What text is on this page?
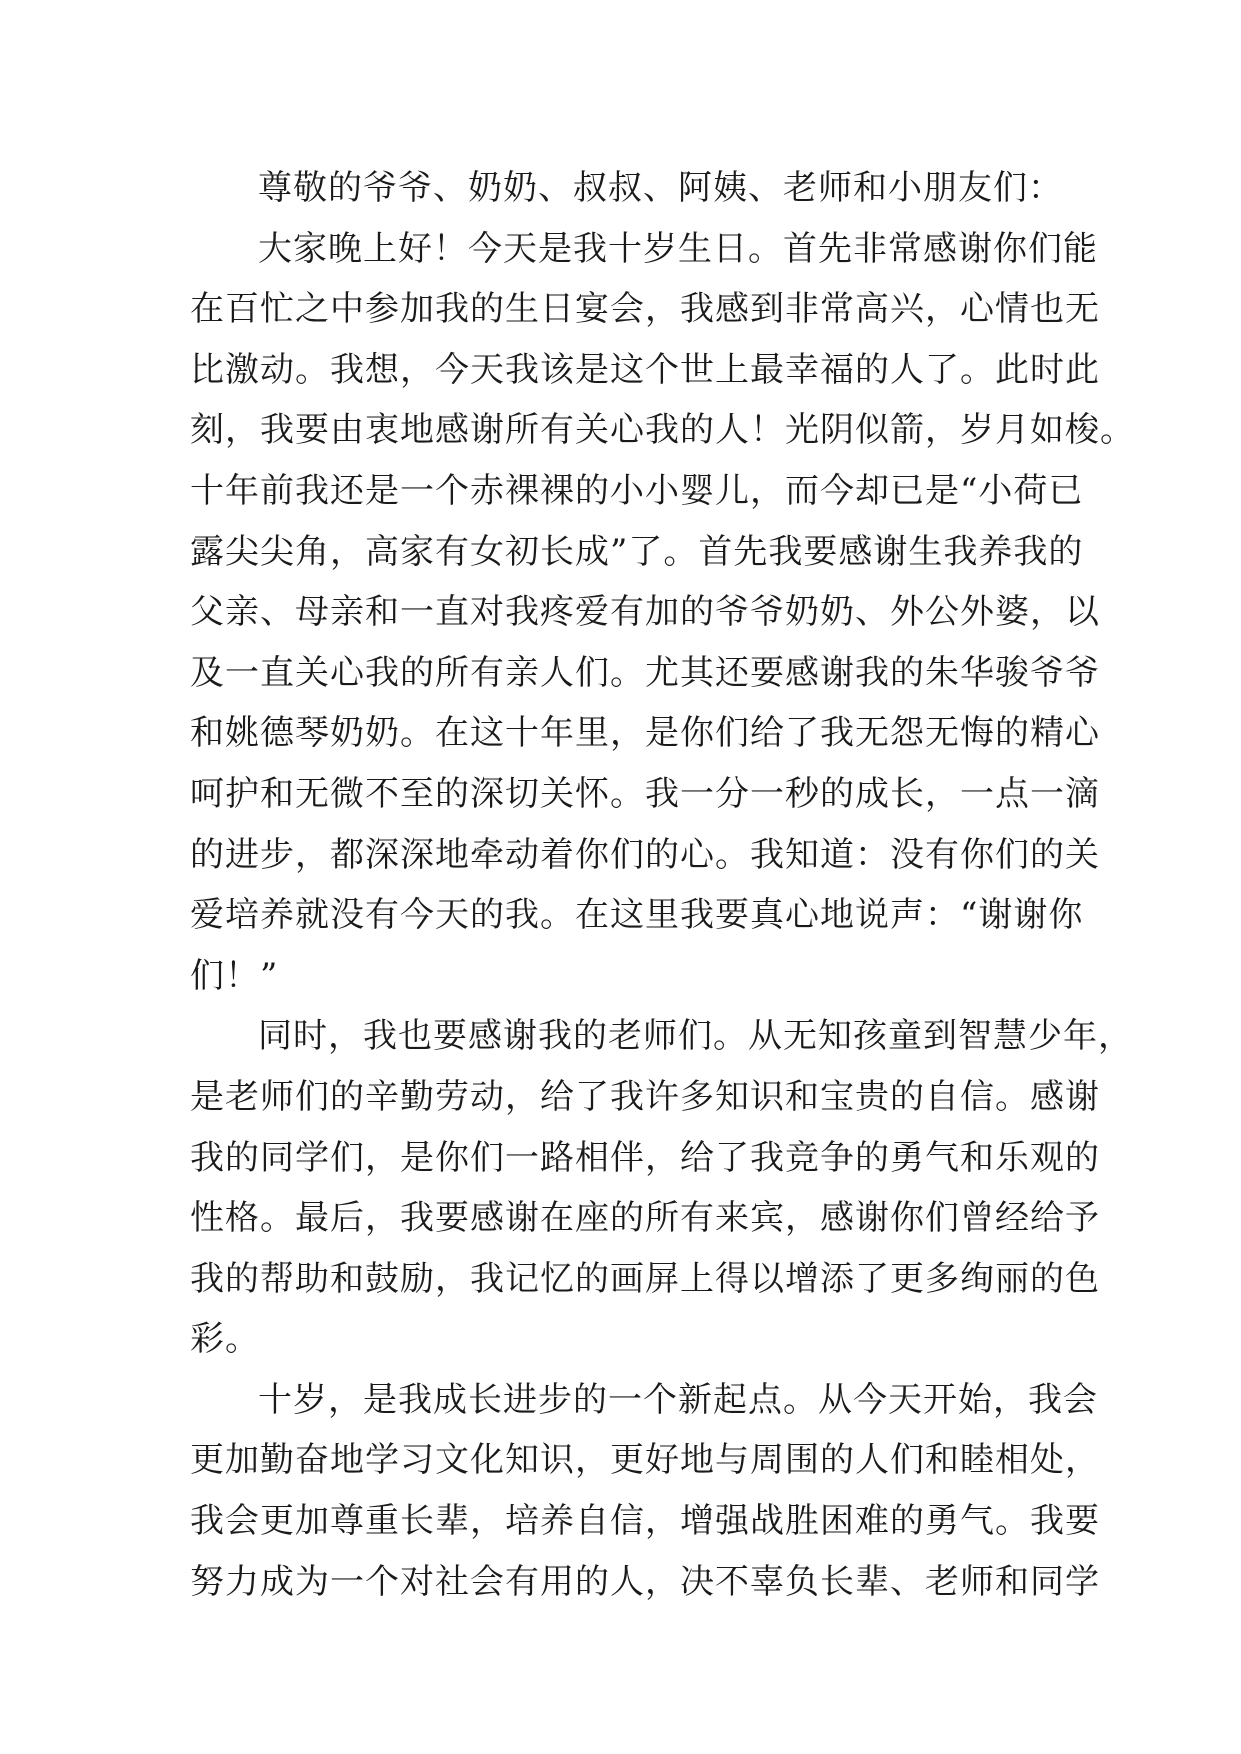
尊敬的爷爷、奶奶、叔叔、阿姨、老师和小朋友们：
大家晚上好！今天是我十岁生日。首先非常感谢你们能
在百忙之中参加我的生日宴会，我感到非常高兴，心情也无
比激动。我想，今天我该是这个世上最幸福的人了。此时此
刻，我要由衷地感谢所有关心我的人！光阴似箭，岁月如梭。
十年前我还是一个赤裸裸的小小婴儿，而今却已是“小荷已
露尖尖角，高家有女初长成”了。首先我要感谢生我养我的
父亲、母亲和一直对我疼爱有加的爷爷奶奶、外公外婆，以
及一直关心我的所有亲人们。尤其还要感谢我的朱华骏爷爷
和姚德琴奶奶。在这十年里，是你们给了我无怨无悔的精心
呵护和无微不至的深切关怀。我一分一秒的成长，一点一滴
的进步，都深深地牵动着你们的心。我知道：没有你们的关
爱培养就没有今天的我。在这里我要真心地说声：“谢谢你
们！”
同时，我也要感谢我的老师们。从无知孩童到智慧少年，
是老师们的辛勤劳动，给了我许多知识和宝贵的自信。感谢
我的同学们，是你们一路相伴，给了我竞争的勇气和乐观的
性格。最后，我要感谢在座的所有来宾，感谢你们曾经给予
我的帮助和鼓励，我记忆的画屏上得以增添了更多绚丽的色
彩。
十岁，是我成长进步的一个新起点。从今天开始，我会
更加勤奋地学习文化知识，更好地与周围的人们和睦相处，
我会更加尊重长辈，培养自信，增强战胜困难的勇气。我要
努力成为一个对社会有用的人，决不辜负长辈、老师和同学
